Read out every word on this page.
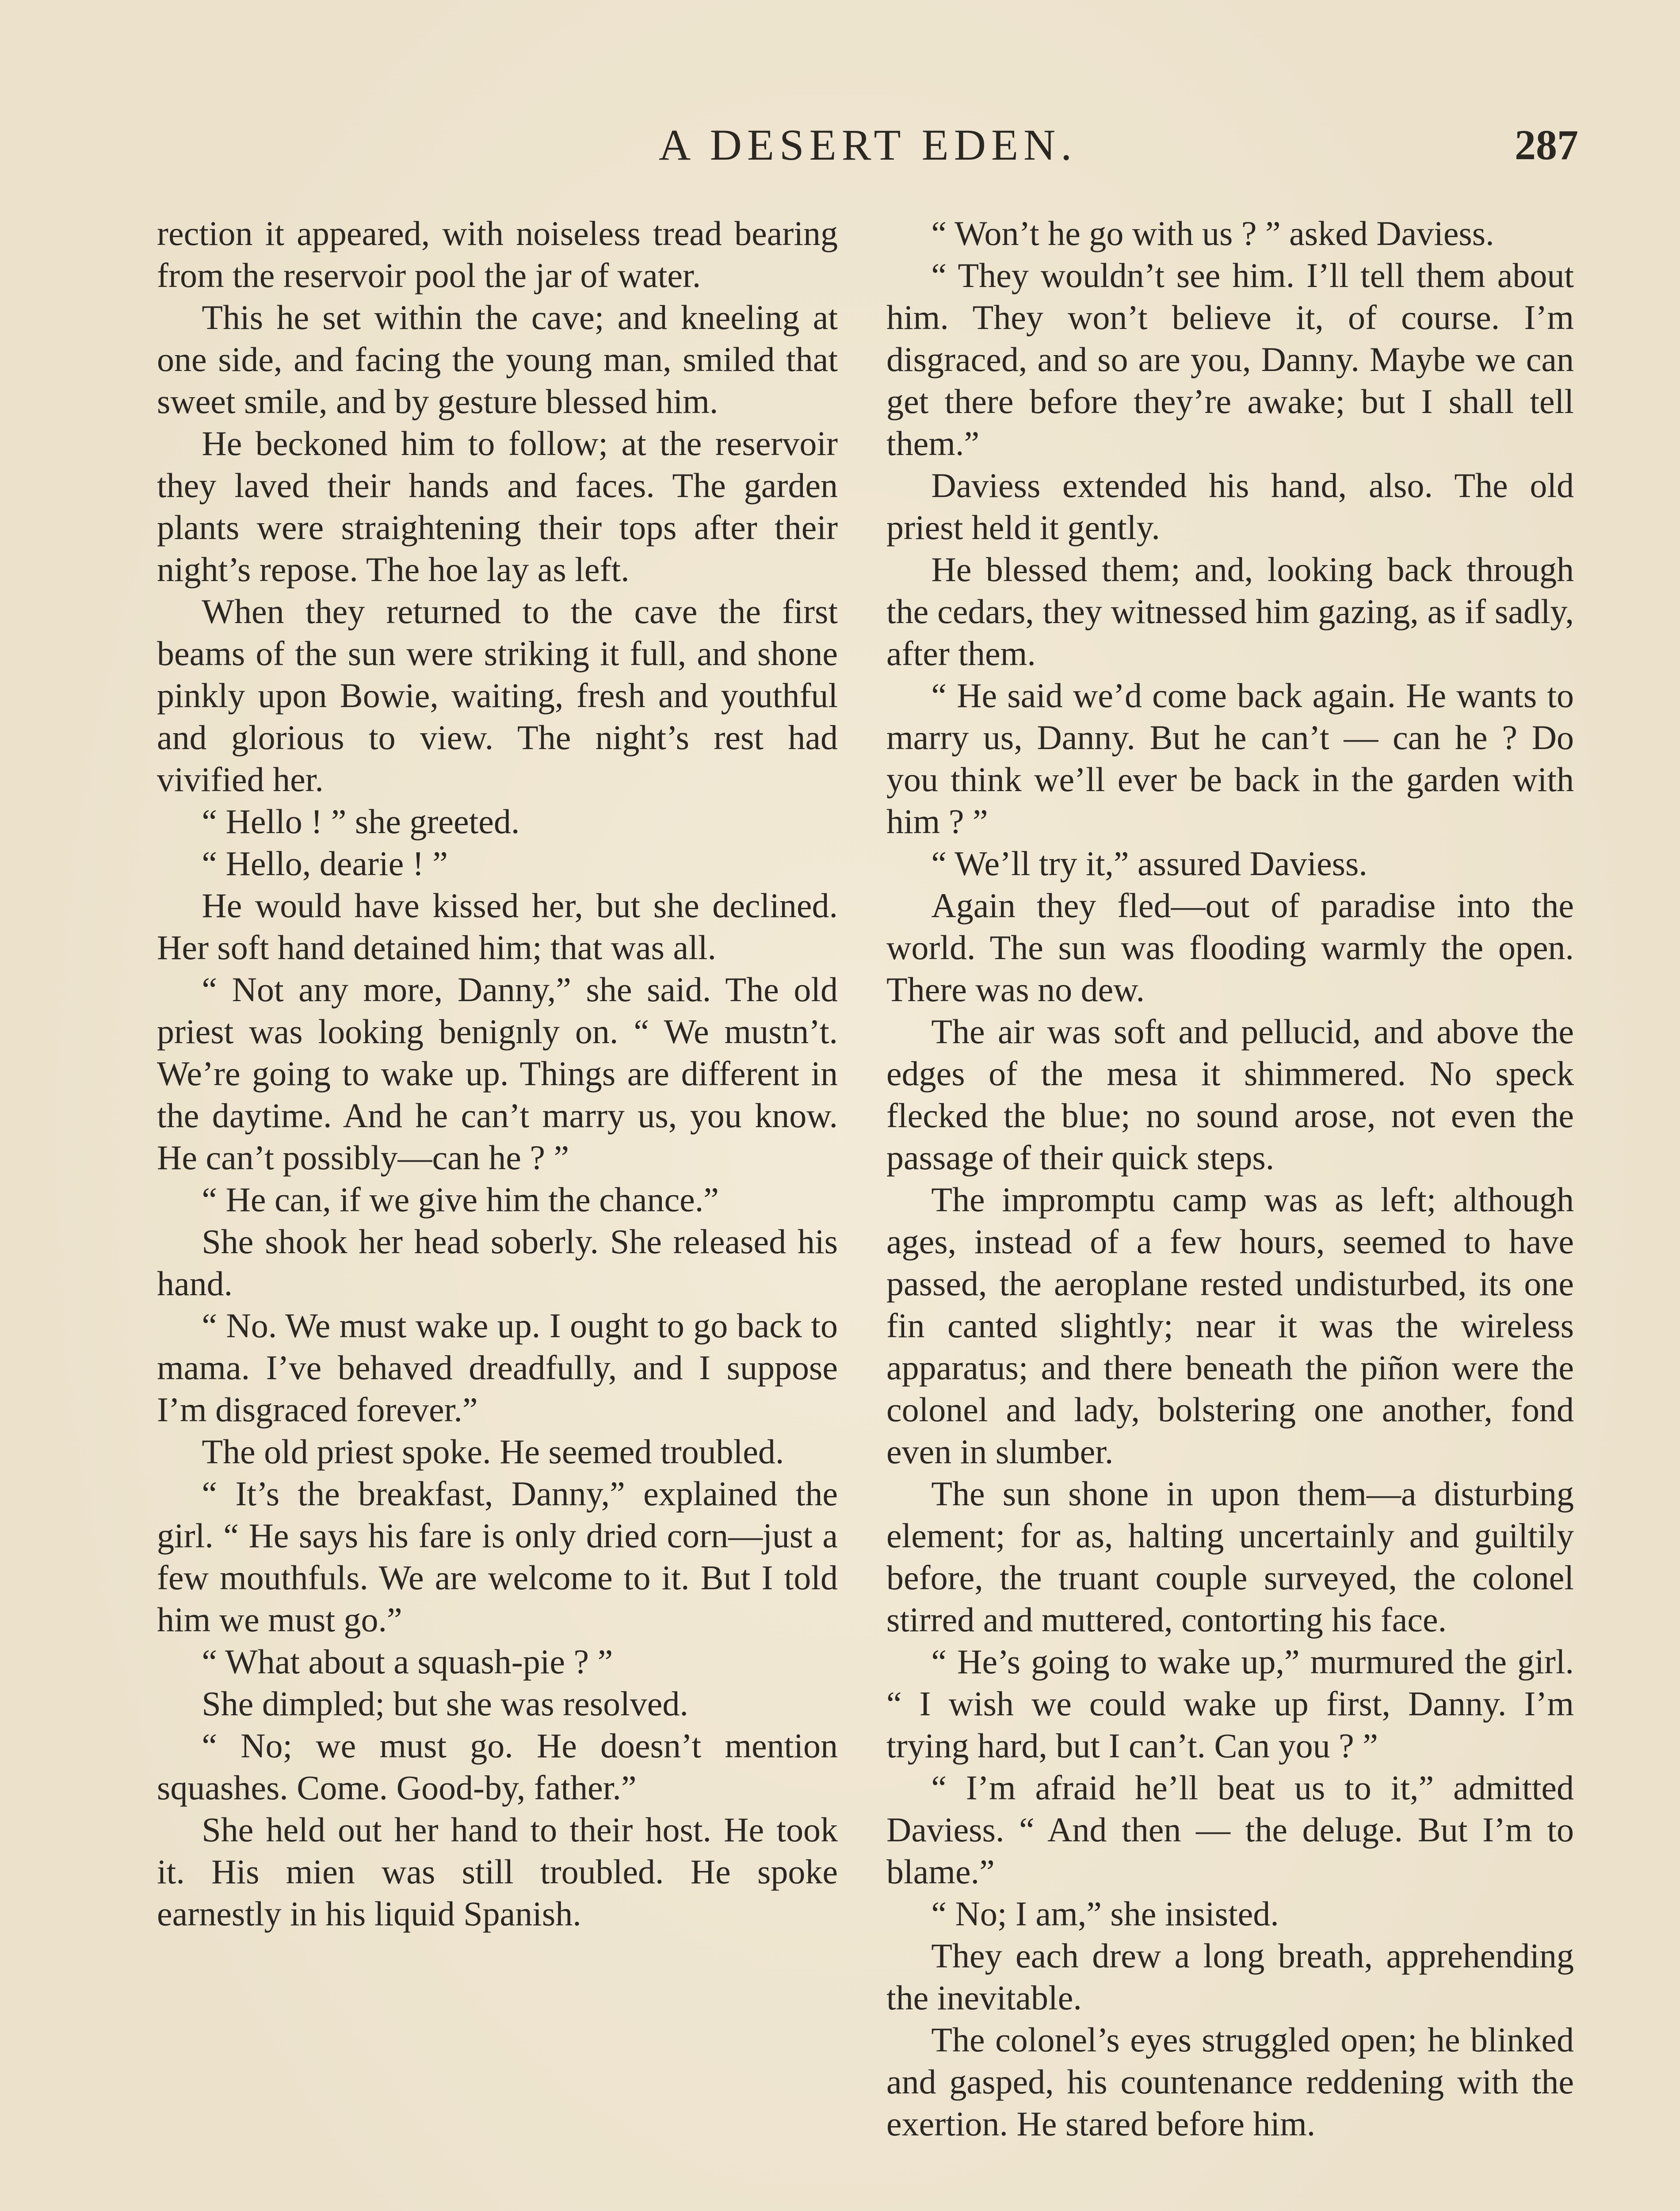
A DESERT EDEN.	287

rection it appeared, with noiseless tread bearing from the reservoir pool the jar of water.

This he set within the cave; and kneeling at one side, and facing the young man, smiled that sweet smile, and by gesture blessed him.

He beckoned him to follow; at the reservoir they laved their hands and faces. The garden plants were straightening their tops after their night’s repose. The hoe lay as left.

When they returned to the cave the first beams of the sun were striking it full, and shone pinkly upon Bowie, waiting, fresh and youthful and glorious to view. The night’s rest had vivified her.

“ Hello ! ” she greeted.

“ Hello, dearie ! ”

He would have kissed her, but she declined. Her soft hand detained him; that was all.

“ Not any more, Danny,” she said. The old priest was looking benignly on. “ We mustn’t. We’re going to wake up. Things are different in the daytime. And he can’t marry us, you know. He can’t possibly—can he ? ”

“ He can, if we give him the chance.”

She shook her head soberly. She released his hand.

“ No. We must wake up. I ought to go back to mama. I’ve behaved dreadfully, and I suppose I’m disgraced forever.”

The old priest spoke. He seemed troubled.

“ It’s the breakfast, Danny,” explained the girl. “ He says his fare is only dried corn—just a few mouthfuls. We are welcome to it. But I told him we must go.”

“ What about a squash-pie ? ”

She dimpled; but she was resolved.

“ No; we must go. He doesn’t mention squashes. Come. Good-by, father.”

She held out her hand to their host. He took it. His mien was still troubled. He spoke earnestly in his liquid Spanish.

“ Won’t he go with us ? ” asked Daviess.

“ They wouldn’t see him. I’ll tell them about him. They won’t believe it, of course. I’m disgraced, and so are you, Danny. Maybe we can get there before they’re awake; but I shall tell them.”

Daviess extended his hand, also. The old priest held it gently.

He blessed them; and, looking back through the cedars, they witnessed him gazing, as if sadly, after them.

“ He said we’d come back again. He wants to marry us, Danny. But he can’t — can he ? Do you think we’ll ever be back in the garden with him ? ”

“ We’ll try it,” assured Daviess.

Again they fled—out of paradise into the world. The sun was flooding warmly the open. There was no dew.

The air was soft and pellucid, and above the edges of the mesa it shimmered. No speck flecked the blue; no sound arose, not even the passage of their quick steps.

The impromptu camp was as left; although ages, instead of a few hours, seemed to have passed, the aeroplane rested undisturbed, its one fin canted slightly; near it was the wireless apparatus; and there beneath the piñon were the colonel and lady, bolstering one another, fond even in slumber.

The sun shone in upon them—a disturbing element; for as, halting uncertainly and guiltily before, the truant couple surveyed, the colonel stirred and muttered, contorting his face.

“ He’s going to wake up,” murmured the girl. “ I wish we could wake up first, Danny. I’m trying hard, but I can’t. Can you ? ”

“ I’m afraid he’ll beat us to it,” admitted Daviess. “ And then — the deluge. But I’m to blame.”

“ No; I am,” she insisted.

They each drew a long breath, apprehending the inevitable.

The colonel’s eyes struggled open; he blinked and gasped, his countenance reddening with the exertion. He stared before him.
